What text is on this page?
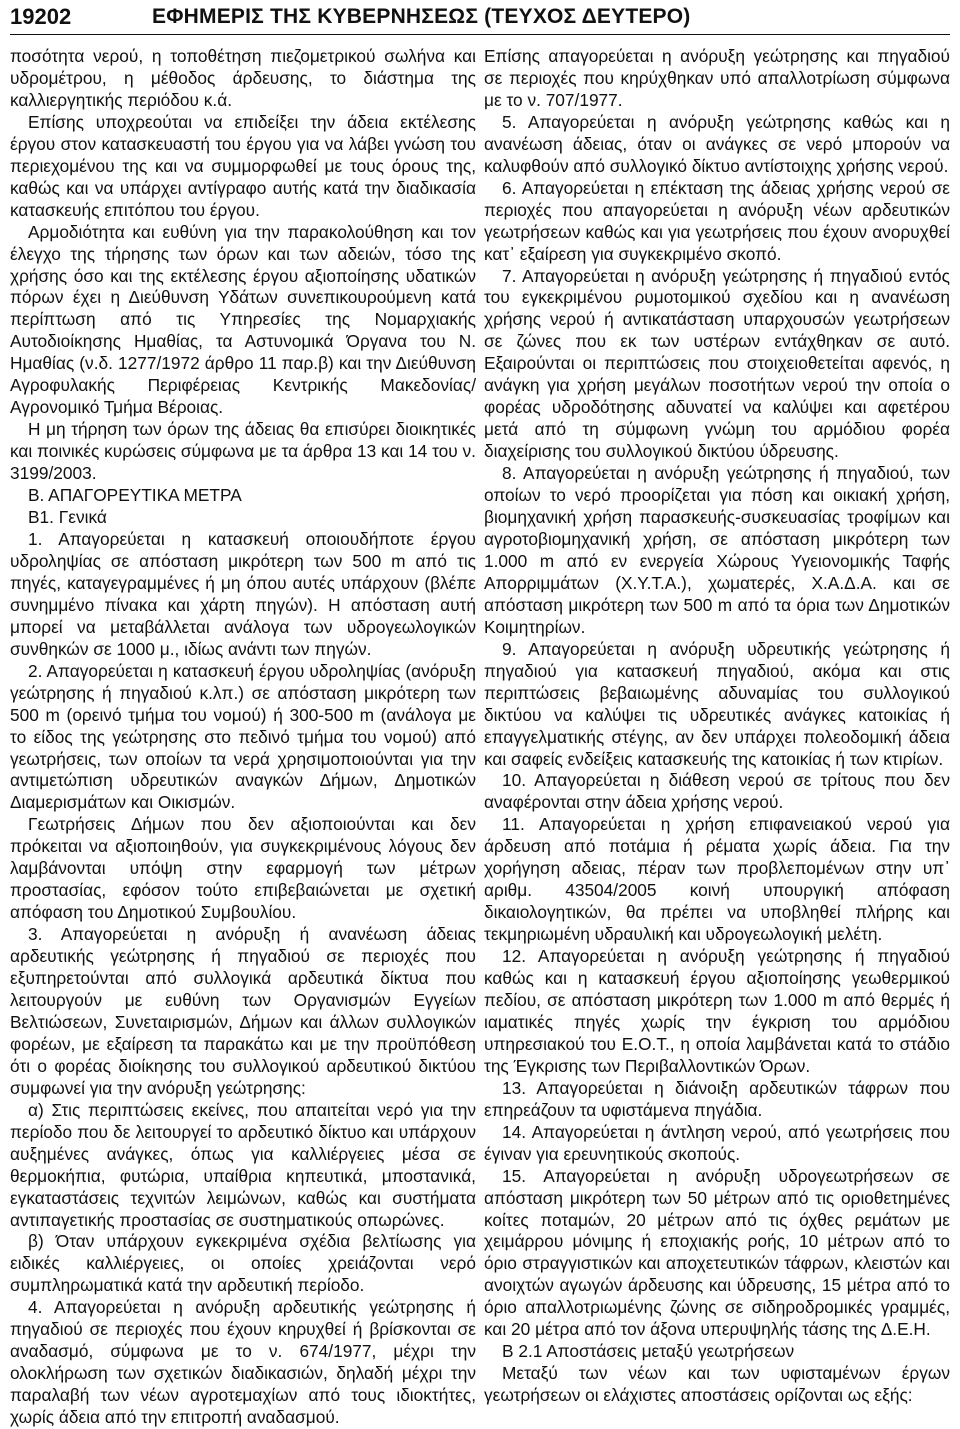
19202	ΕΦΗΜΕΡΙΣ ΤΗΣ ΚΥΒΕΡΝΗΣΕΩΣ (ΤΕΥΧΟΣ ΔΕΥΤΕΡΟ)

ποσότητα νερού, η τοποθέτηση πιεζομετρικού σωλήνα και υδρομέτρου, η μέθοδος άρδευσης, το διάστημα της καλλιεργητικής περιόδου κ.ά.

Επίσης υποχρεούται να επιδείξει την άδεια εκτέλεσης έργου στον κατασκευαστή του έργου για να λάβει γνώση του περιεχομένου της και να συμμορφωθεί με τους όρους της, καθώς και να υπάρχει αντίγραφο αυτής κατά την διαδικασία κατασκευής επιτόπου του έργου.

Αρμοδιότητα και ευθύνη για την παρακολούθηση και τον έλεγχο της τήρησης των όρων και των αδειών, τόσο της χρήσης όσο και της εκτέλεσης έργου αξιοποίησης υδατικών πόρων έχει η Διεύθυνση Υδάτων συνεπικουρούμενη κατά περίπτωση από τις Υπηρεσίες της Νομαρχιακής Αυτοδιοίκησης Ημαθίας, τα Αστυνομικά Όργανα του Ν. Ημαθίας (ν.δ. 1277/1972 άρθρο 11 παρ.β) και την Διεύθυνση Αγροφυλακής Περιφέρειας Κεντρικής Μακεδονίας/ Αγρονομικό Τμήμα Βέροιας.

Η μη τήρηση των όρων της άδειας θα επισύρει διοικητικές και ποινικές κυρώσεις σύμφωνα με τα άρθρα 13 και 14 του ν. 3199/2003.

Β. ΑΠΑΓΟΡΕΥΤΙΚΑ ΜΕΤΡΑ

Β1. Γενικά

1. Απαγορεύεται η κατασκευή οποιουδήποτε έργου υδροληψίας σε απόσταση μικρότερη των 500 m από τις πηγές, καταγεγραμμένες ή μη όπου αυτές υπάρχουν (βλέπε συνημμένο πίνακα και χάρτη πηγών). Η απόσταση αυτή μπορεί να μεταβάλλεται ανάλογα των υδρογεωλογικών συνθηκών σε 1000 μ., ιδίως ανάντι των πηγών.

2. Απαγορεύεται η κατασκευή έργου υδροληψίας (ανόρυξη γεώτρησης ή πηγαδιού κ.λπ.) σε απόσταση μικρότερη των 500 m (ορεινό τμήμα του νομού) ή 300-500 m (ανάλογα με το είδος της γεώτρησης στο πεδινό τμήμα του νομού) από γεωτρήσεις, των οποίων τα νερά χρησιμοποιούνται για την αντιμετώπιση υδρευτικών αναγκών Δήμων, Δημοτικών Διαμερισμάτων και Οικισμών.

Γεωτρήσεις Δήμων που δεν αξιοποιούνται και δεν πρόκειται να αξιοποιηθούν, για συγκεκριμένους λόγους δεν λαμβάνονται υπόψη στην εφαρμογή των μέτρων προστασίας, εφόσον τούτο επιβεβαιώνεται με σχετική απόφαση του Δημοτικού Συμβουλίου.

3. Απαγορεύεται η ανόρυξη ή ανανέωση άδειας αρδευτικής γεώτρησης ή πηγαδιού σε περιοχές που εξυπηρετούνται από συλλογικά αρδευτικά δίκτυα που λειτουργούν με ευθύνη των Οργανισμών Εγγείων Βελτιώσεων, Συνεταιρισμών, Δήμων και άλλων συλλογικών φορέων, με εξαίρεση τα παρακάτω και με την προϋπόθεση ότι ο φορέας διοίκησης του συλλογικού αρδευτικού δικτύου συμφωνεί για την ανόρυξη γεώτρησης:

α) Στις περιπτώσεις εκείνες, που απαιτείται νερό για την περίοδο που δε λειτουργεί το αρδευτικό δίκτυο και υπάρχουν αυξημένες ανάγκες, όπως για καλλιέργειες μέσα σε θερμοκήπια, φυτώρια, υπαίθρια κηπευτικά, μποστανικά, εγκαταστάσεις τεχνιτών λειμώνων, καθώς και συστήματα αντιπαγετικής προστασίας σε συστηματικούς οπωρώνες.

β) Όταν υπάρχουν εγκεκριμένα σχέδια βελτίωσης για ειδικές καλλιέργειες, οι οποίες χρειάζονται νερό συμπληρωματικά κατά την αρδευτική περίοδο.

4. Απαγορεύεται η ανόρυξη αρδευτικής γεώτρησης ή πηγαδιού σε περιοχές που έχουν κηρυχθεί ή βρίσκονται σε αναδασμό, σύμφωνα με το ν. 674/1977, μέχρι την ολοκλήρωση των σχετικών διαδικασιών, δηλαδή μέχρι την παραλαβή των νέων αγροτεμαχίων από τους ιδιοκτήτες, χωρίς άδεια από την επιτροπή αναδασμού.

Επίσης απαγορεύεται η ανόρυξη γεώτρησης και πηγαδιού σε περιοχές που κηρύχθηκαν υπό απαλλοτρίωση σύμφωνα με το ν. 707/1977.

5. Απαγορεύεται η ανόρυξη γεώτρησης καθώς και η ανανέωση άδειας, όταν οι ανάγκες σε νερό μπορούν να καλυφθούν από συλλογικό δίκτυο αντίστοιχης χρήσης νερού.

6. Απαγορεύεται η επέκταση της άδειας χρήσης νερού σε περιοχές που απαγορεύεται η ανόρυξη νέων αρδευτικών γεωτρήσεων καθώς και για γεωτρήσεις που έχουν ανορυχθεί κατ᾽ εξαίρεση για συγκεκριμένο σκοπό.

7. Απαγορεύεται η ανόρυξη γεώτρησης ή πηγαδιού εντός του εγκεκριμένου ρυμοτομικού σχεδίου και η ανανέωση χρήσης νερού ή αντικατάσταση υπαρχουσών γεωτρήσεων σε ζώνες που εκ των υστέρων εντάχθηκαν σε αυτό. Εξαιρούνται οι περιπτώσεις που στοιχειοθετείται αφενός, η ανάγκη για χρήση μεγάλων ποσοτήτων νερού την οποία ο φορέας υδροδότησης αδυνατεί να καλύψει και αφετέρου μετά από τη σύμφωνη γνώμη του αρμόδιου φορέα διαχείρισης του συλλογικού δικτύου ύδρευσης.

8. Απαγορεύεται η ανόρυξη γεώτρησης ή πηγαδιού, των οποίων το νερό προορίζεται για πόση και οικιακή χρήση, βιομηχανική χρήση παρασκευής-συσκευασίας τροφίμων και αγροτοβιομηχανική χρήση, σε απόσταση μικρότερη των 1.000 m από εν ενεργεία Χώρους Υγειονομικής Ταφής Απορριμμάτων (Χ.Υ.Τ.Α.), χωματερές, Χ.Α.Δ.Α. και σε απόσταση μικρότερη των 500 m από τα όρια των Δημοτικών Κοιμητηρίων.

9. Απαγορεύεται η ανόρυξη υδρευτικής γεώτρησης ή πηγαδιού για κατασκευή πηγαδιού, ακόμα και στις περιπτώσεις βεβαιωμένης αδυναμίας του συλλογικού δικτύου να καλύψει τις υδρευτικές ανάγκες κατοικίας ή επαγγελματικής στέγης, αν δεν υπάρχει πολεοδομική άδεια και σαφείς ενδείξεις κατασκευής της κατοικίας ή των κτιρίων.

10. Απαγορεύεται η διάθεση νερού σε τρίτους που δεν αναφέρονται στην άδεια χρήσης νερού.

11. Απαγορεύεται η χρήση επιφανειακού νερού για άρδευση από ποτάμια ή ρέματα χωρίς άδεια. Για την χορήγηση αδειας, πέραν των προβλεπομένων στην υπ᾽ αριθμ. 43504/2005 κοινή υπουργική απόφαση δικαιολογητικών, θα πρέπει να υποβληθεί πλήρης και τεκμηριωμένη υδραυλική και υδρογεωλογική μελέτη.

12. Απαγορεύεται η ανόρυξη γεώτρησης ή πηγαδιού καθώς και η κατασκευή έργου αξιοποίησης γεωθερμικού πεδίου, σε απόσταση μικρότερη των 1.000 m από θερμές ή ιαματικές πηγές χωρίς την έγκριση του αρμόδιου υπηρεσιακού του Ε.Ο.Τ., η οποία λαμβάνεται κατά το στάδιο της Έγκρισης των Περιβαλλοντικών Όρων.

13. Απαγορεύεται η διάνοιξη αρδευτικών τάφρων που επηρεάζουν τα υφιστάμενα πηγάδια.

14. Απαγορεύεται η άντληση νερού, από γεωτρήσεις που έγιναν για ερευνητικούς σκοπούς.

15. Απαγορεύεται η ανόρυξη υδρογεωτρήσεων σε απόσταση μικρότερη των 50 μέτρων από τις οριοθετημένες κοίτες ποταμών, 20 μέτρων από τις όχθες ρεμάτων με χειμάρρου μόνιμης ή εποχιακής ροής, 10 μέτρων από το όριο στραγγιστικών και αποχετευτικών τάφρων, κλειστών και ανοιχτών αγωγών άρδευσης και ύδρευσης, 15 μέτρα από το όριο απαλλοτριωμένης ζώνης σε σιδηροδρομικές γραμμές, και 20 μέτρα από τον άξονα υπερυψηλής τάσης της Δ.Ε.Η.

Β 2.1 Αποστάσεις μεταξύ γεωτρήσεων

Μεταξύ των νέων και των υφισταμένων έργων γεωτρήσεων οι ελάχιστες αποστάσεις ορίζονται ως εξής:
